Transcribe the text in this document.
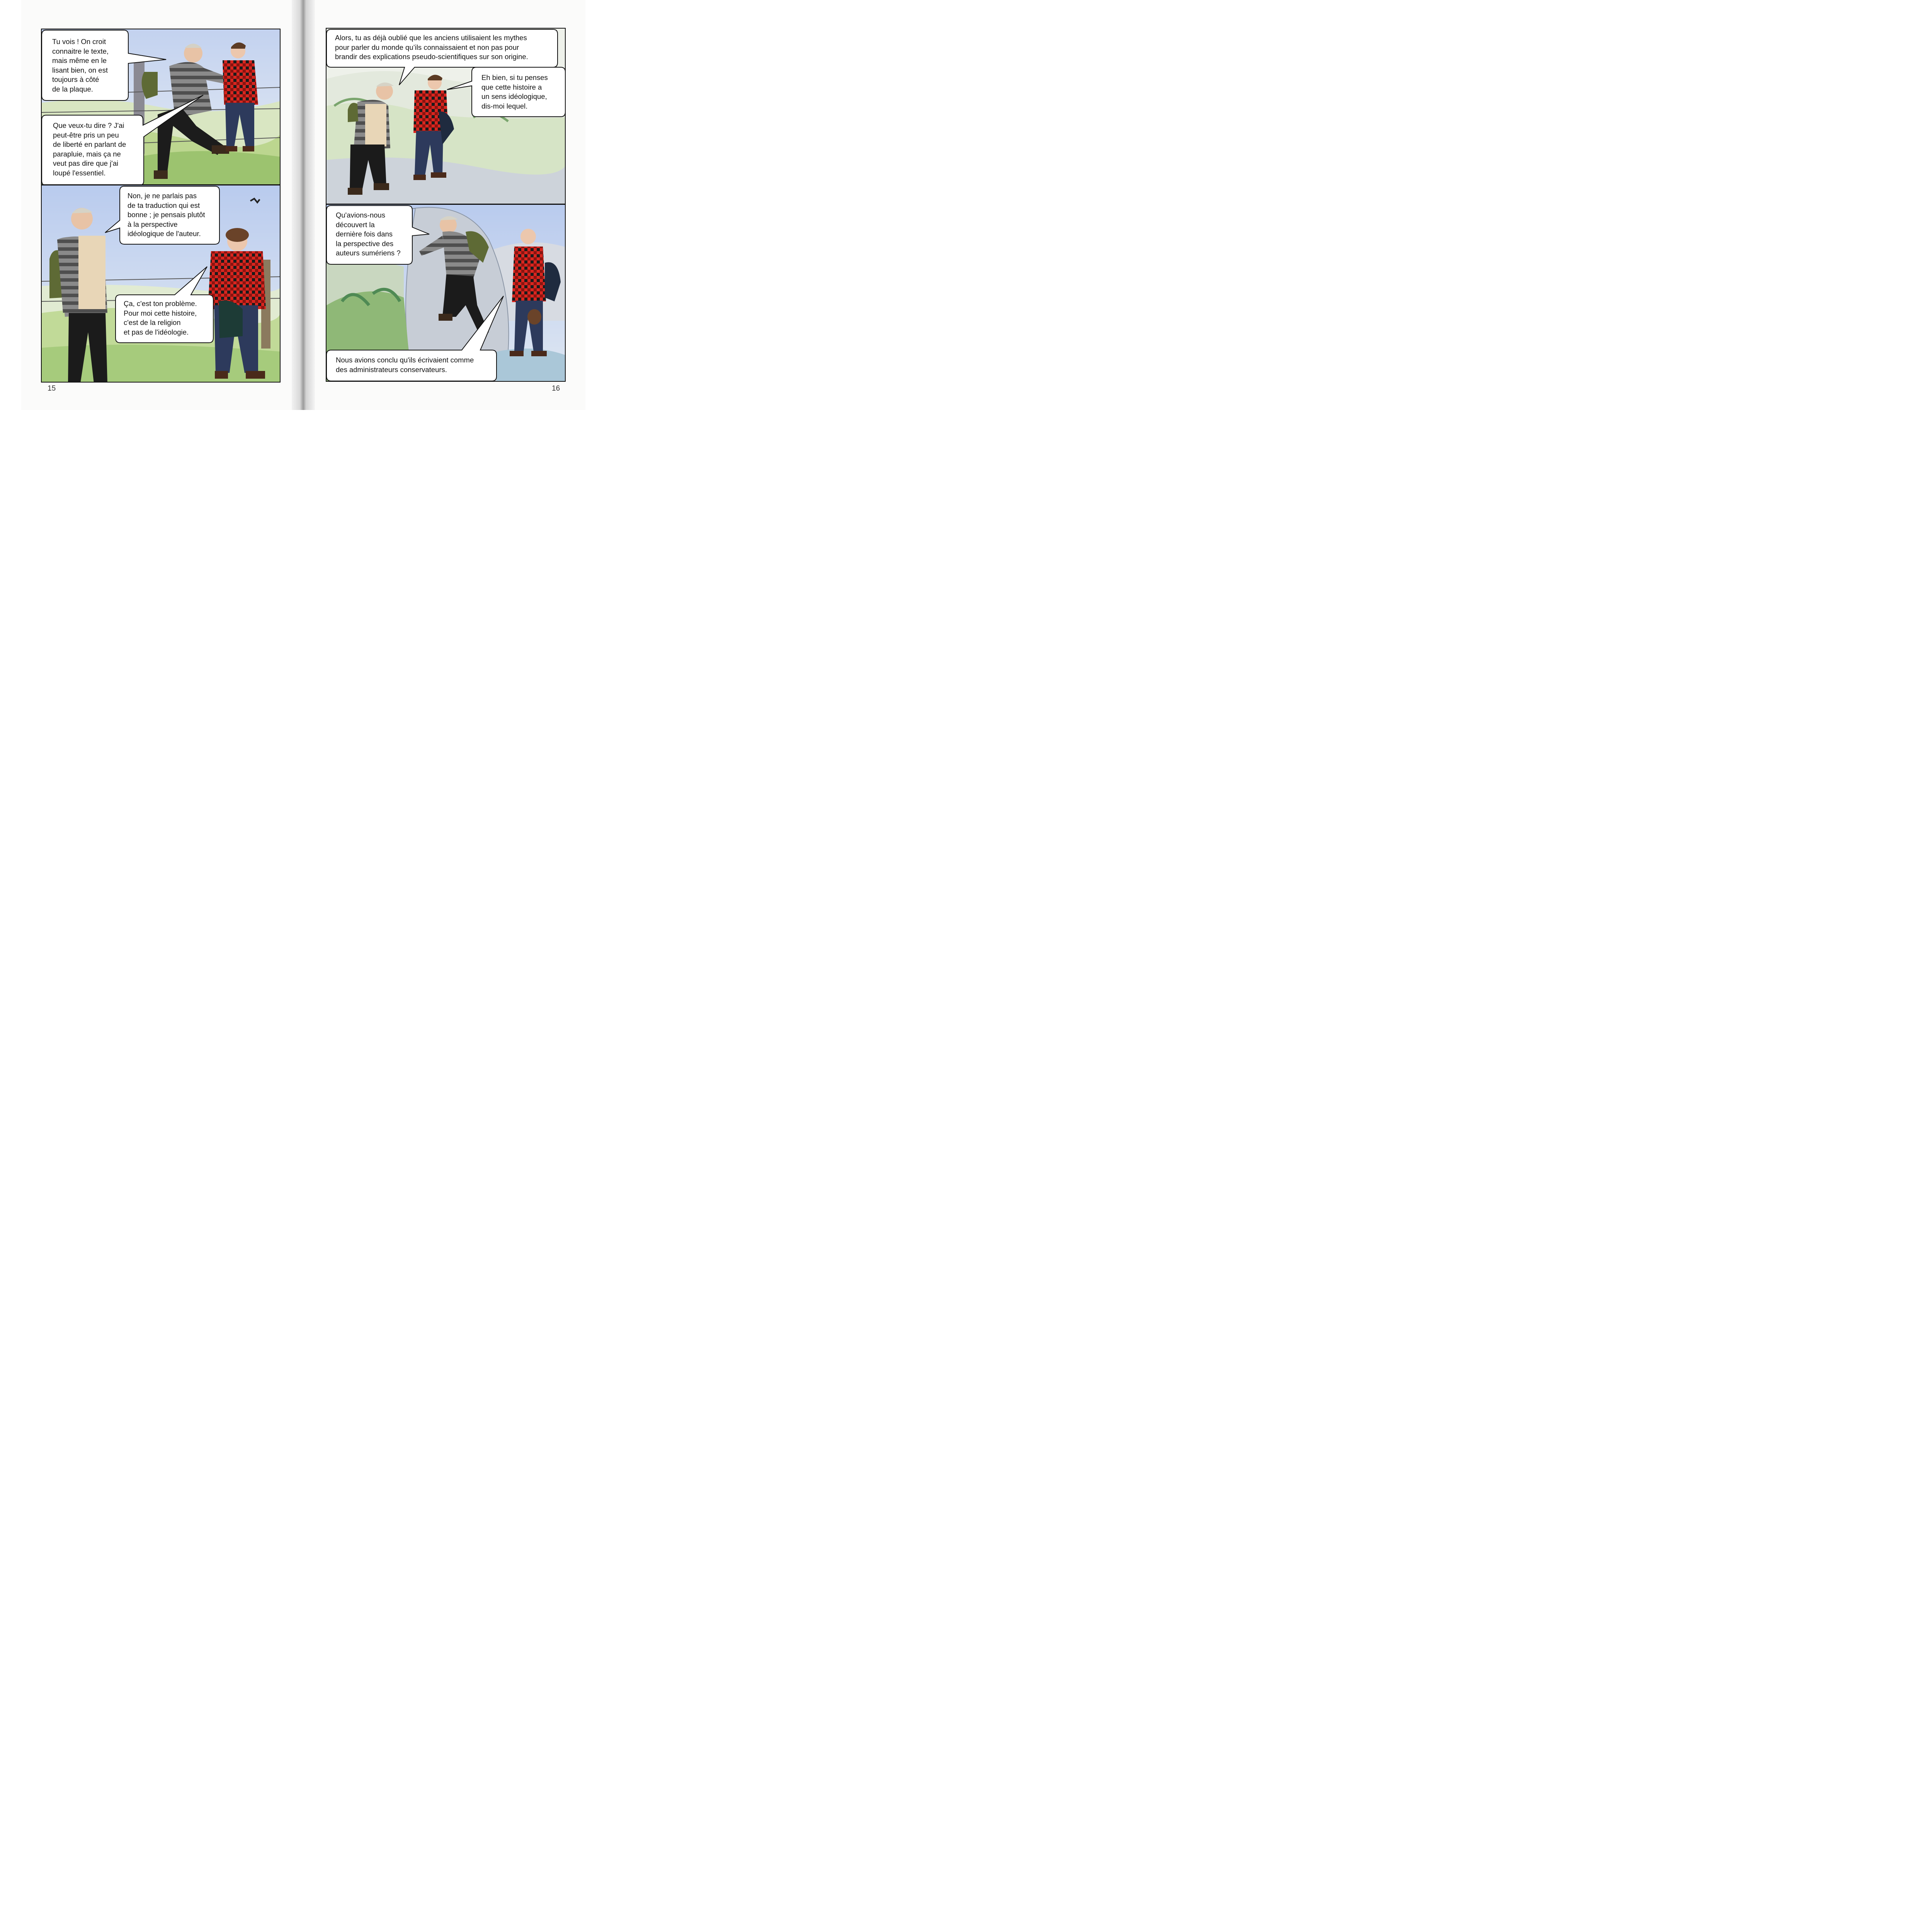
Tu vois ! On croit
connaitre le texte,
mais même en le
lisant bien, on est
toujours à côté
de la plaque.
Que veux-tu dire ? J'ai
peut-être pris un peu
de liberté en parlant de
parapluie, mais ça ne
veut pas dire que j'ai
loupé l'essentiel.
Non, je ne parlais pas
de ta traduction qui est
bonne ; je pensais plutôt
à la perspective
idéologique de l'auteur.
Ça, c'est ton problème.
Pour moi cette histoire,
c'est de la religion
et pas de l'idéologie.
15
Alors, tu as déjà oublié que les anciens utilisaient les mythes
pour parler du monde qu’ils connaissaient et non pas pour
brandir des explications pseudo-scientifiques sur son origine.
Eh bien, si tu penses
que cette histoire a
un sens idéologique,
dis-moi lequel.
Qu'avions-nous
découvert la
dernière fois dans
la perspective des
auteurs sumériens ?
Nous avions conclu qu'ils écrivaient comme
des administrateurs conservateurs.
16
